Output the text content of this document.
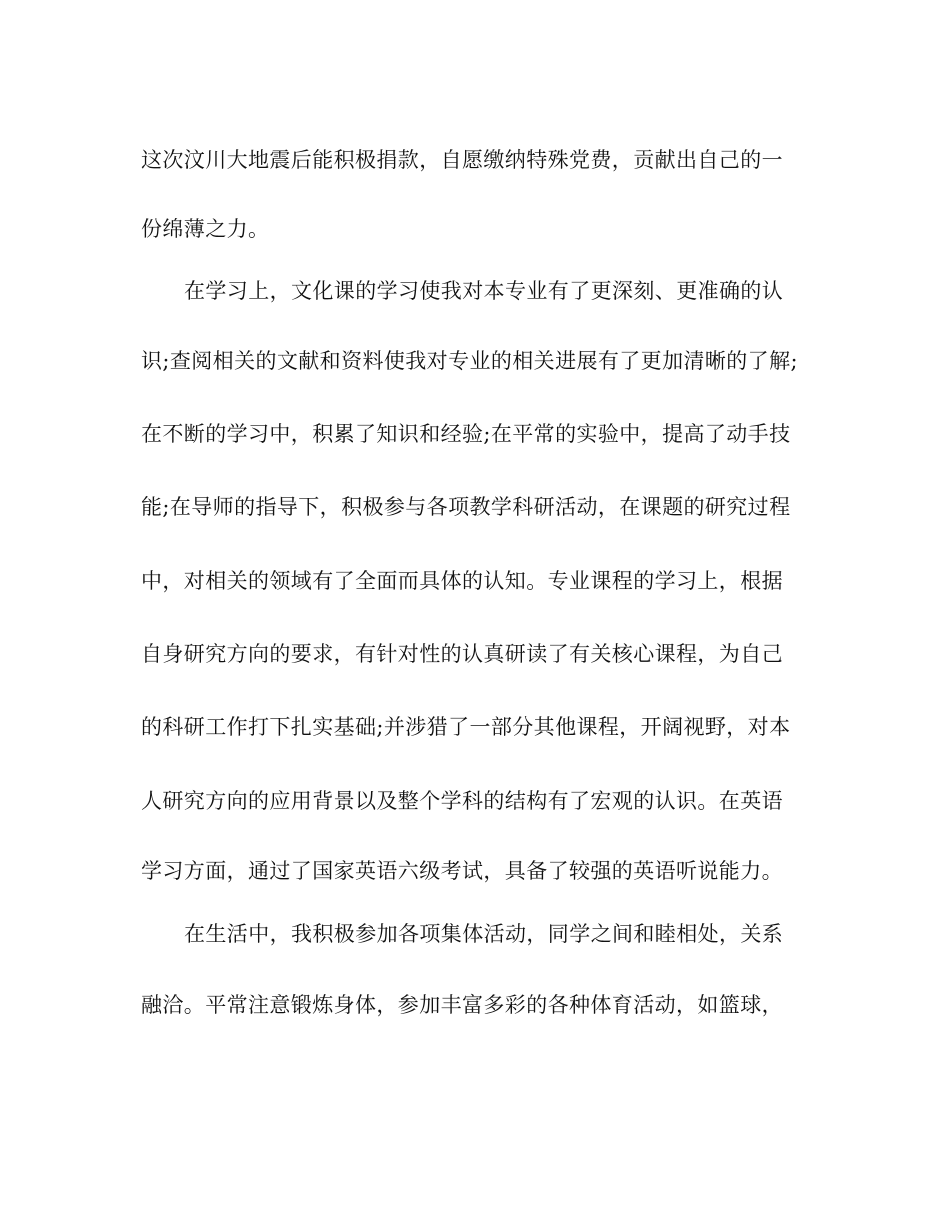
这次汶川大地震后能积极捐款，自愿缴纳特殊党费，贡献出自己的一
份绵薄之力。
在学习上，文化课的学习使我对本专业有了更深刻、更准确的认
识;查阅相关的文献和资料使我对专业的相关进展有了更加清晰的了解;
在不断的学习中，积累了知识和经验;在平常的实验中，提高了动手技
能;在导师的指导下，积极参与各项教学科研活动，在课题的研究过程
中，对相关的领域有了全面而具体的认知。专业课程的学习上，根据
自身研究方向的要求，有针对性的认真研读了有关核心课程，为自己
的科研工作打下扎实基础;并涉猎了一部分其他课程，开阔视野，对本
人研究方向的应用背景以及整个学科的结构有了宏观的认识。在英语
学习方面，通过了国家英语六级考试，具备了较强的英语听说能力。
在生活中，我积极参加各项集体活动，同学之间和睦相处，关系
融洽。平常注意锻炼身体，参加丰富多彩的各种体育活动，如篮球，
